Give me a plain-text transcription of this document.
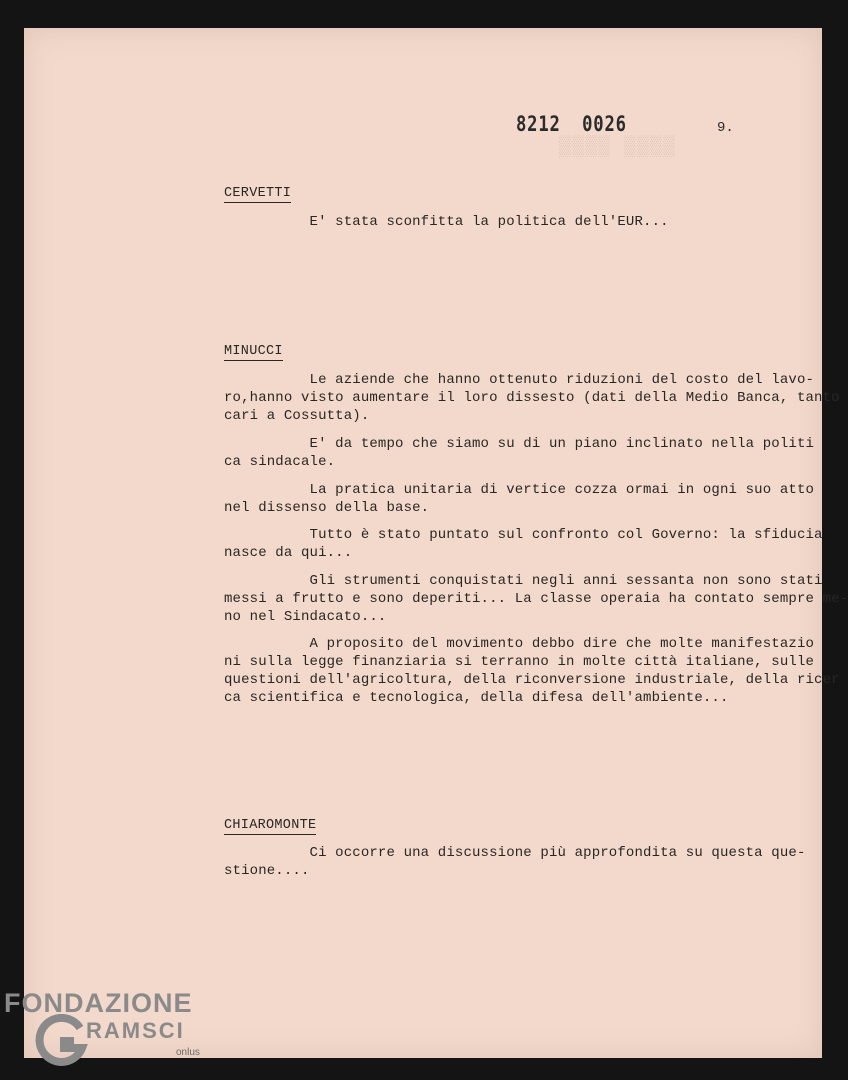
▒▒▒▒ ▒▒▒▒
8212 0026	9.
CERVETTI
E' stata sconfitta la politica dell'EUR...
MINUCCI
Le aziende che hanno ottenuto riduzioni del costo del lavo-
ro,hanno visto aumentare il loro dissesto (dati della Medio Banca, tanto
cari a Cossutta).
E' da tempo che siamo su di un piano inclinato nella politi
ca sindacale.
La pratica unitaria di vertice cozza ormai in ogni suo atto
nel dissenso della base.
Tutto è stato puntato sul confronto col Governo: la sfiducia
nasce da qui...
Gli strumenti conquistati negli anni sessanta non sono stati
messi a frutto e sono deperiti... La classe operaia ha contato sempre me-
no nel Sindacato...
A proposito del movimento debbo dire che molte manifestazio
ni sulla legge finanziaria si terranno in molte città italiane, sulle
questioni dell'agricoltura, della riconversione industriale, della ricer
ca scientifica e tecnologica, della difesa dell'ambiente...
CHIAROMONTE
Ci occorre una discussione più approfondita su questa que-
stione....
FONDAZIONE
RAMSCI
onlus
